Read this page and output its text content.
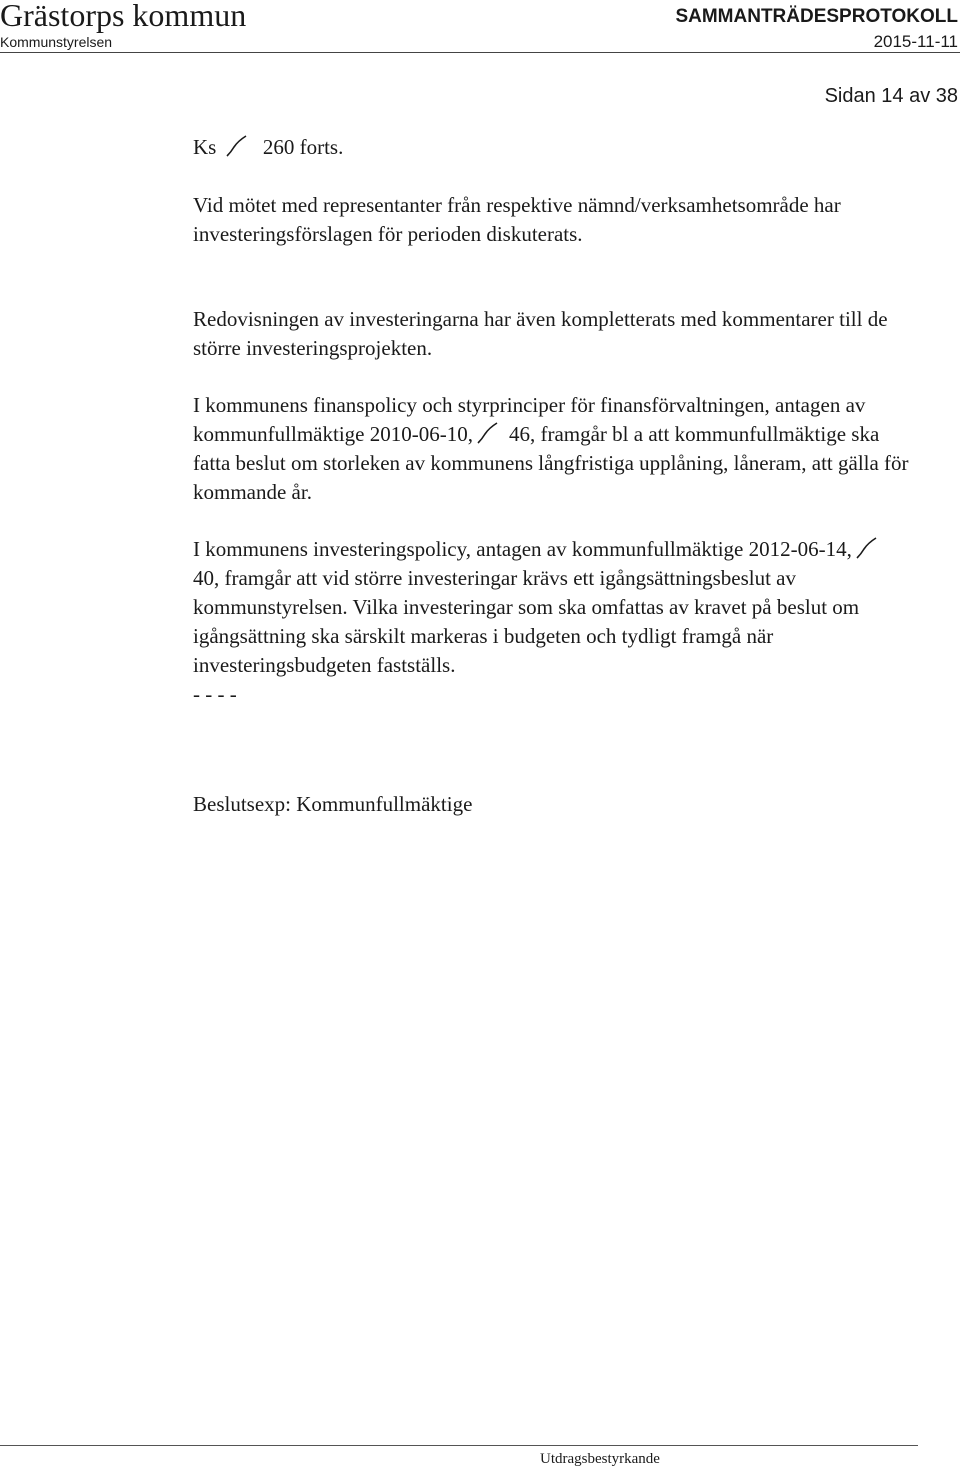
Grästorps kommun
Kommunstyrelsen
SAMMANTRÄDESPROTOKOLL
2015-11-11
Sidan 14 av 38

Ks 260 forts.

Vid mötet med representanter från respektive nämnd/verksamhetsområde har investeringsförslagen för perioden diskuterats.

Redovisningen av investeringarna har även kompletterats med kommentarer till de större investeringsprojekten.

I kommunens finanspolicy och styrprinciper för finansförvaltningen, antagen av kommunfullmäktige 2010-06-10, 46, framgår bl a att kommunfullmäktige ska fatta beslut om storleken av kommunens långfristiga upplåning, låneram, att gälla för kommande år.

I kommunens investeringspolicy, antagen av kommunfullmäktige 2012-06-14,40, framgår att vid större investeringar krävs ett igångsättningsbeslut av kommunstyrelsen. Vilka investeringar som ska omfattas av kravet på beslut om igångsättning ska särskilt markeras i budgeten och tydligt framgå när investeringsbudgeten fastställs.

- - - -

Beslutsexp: Kommunfullmäktige

Utdragsbestyrkande
